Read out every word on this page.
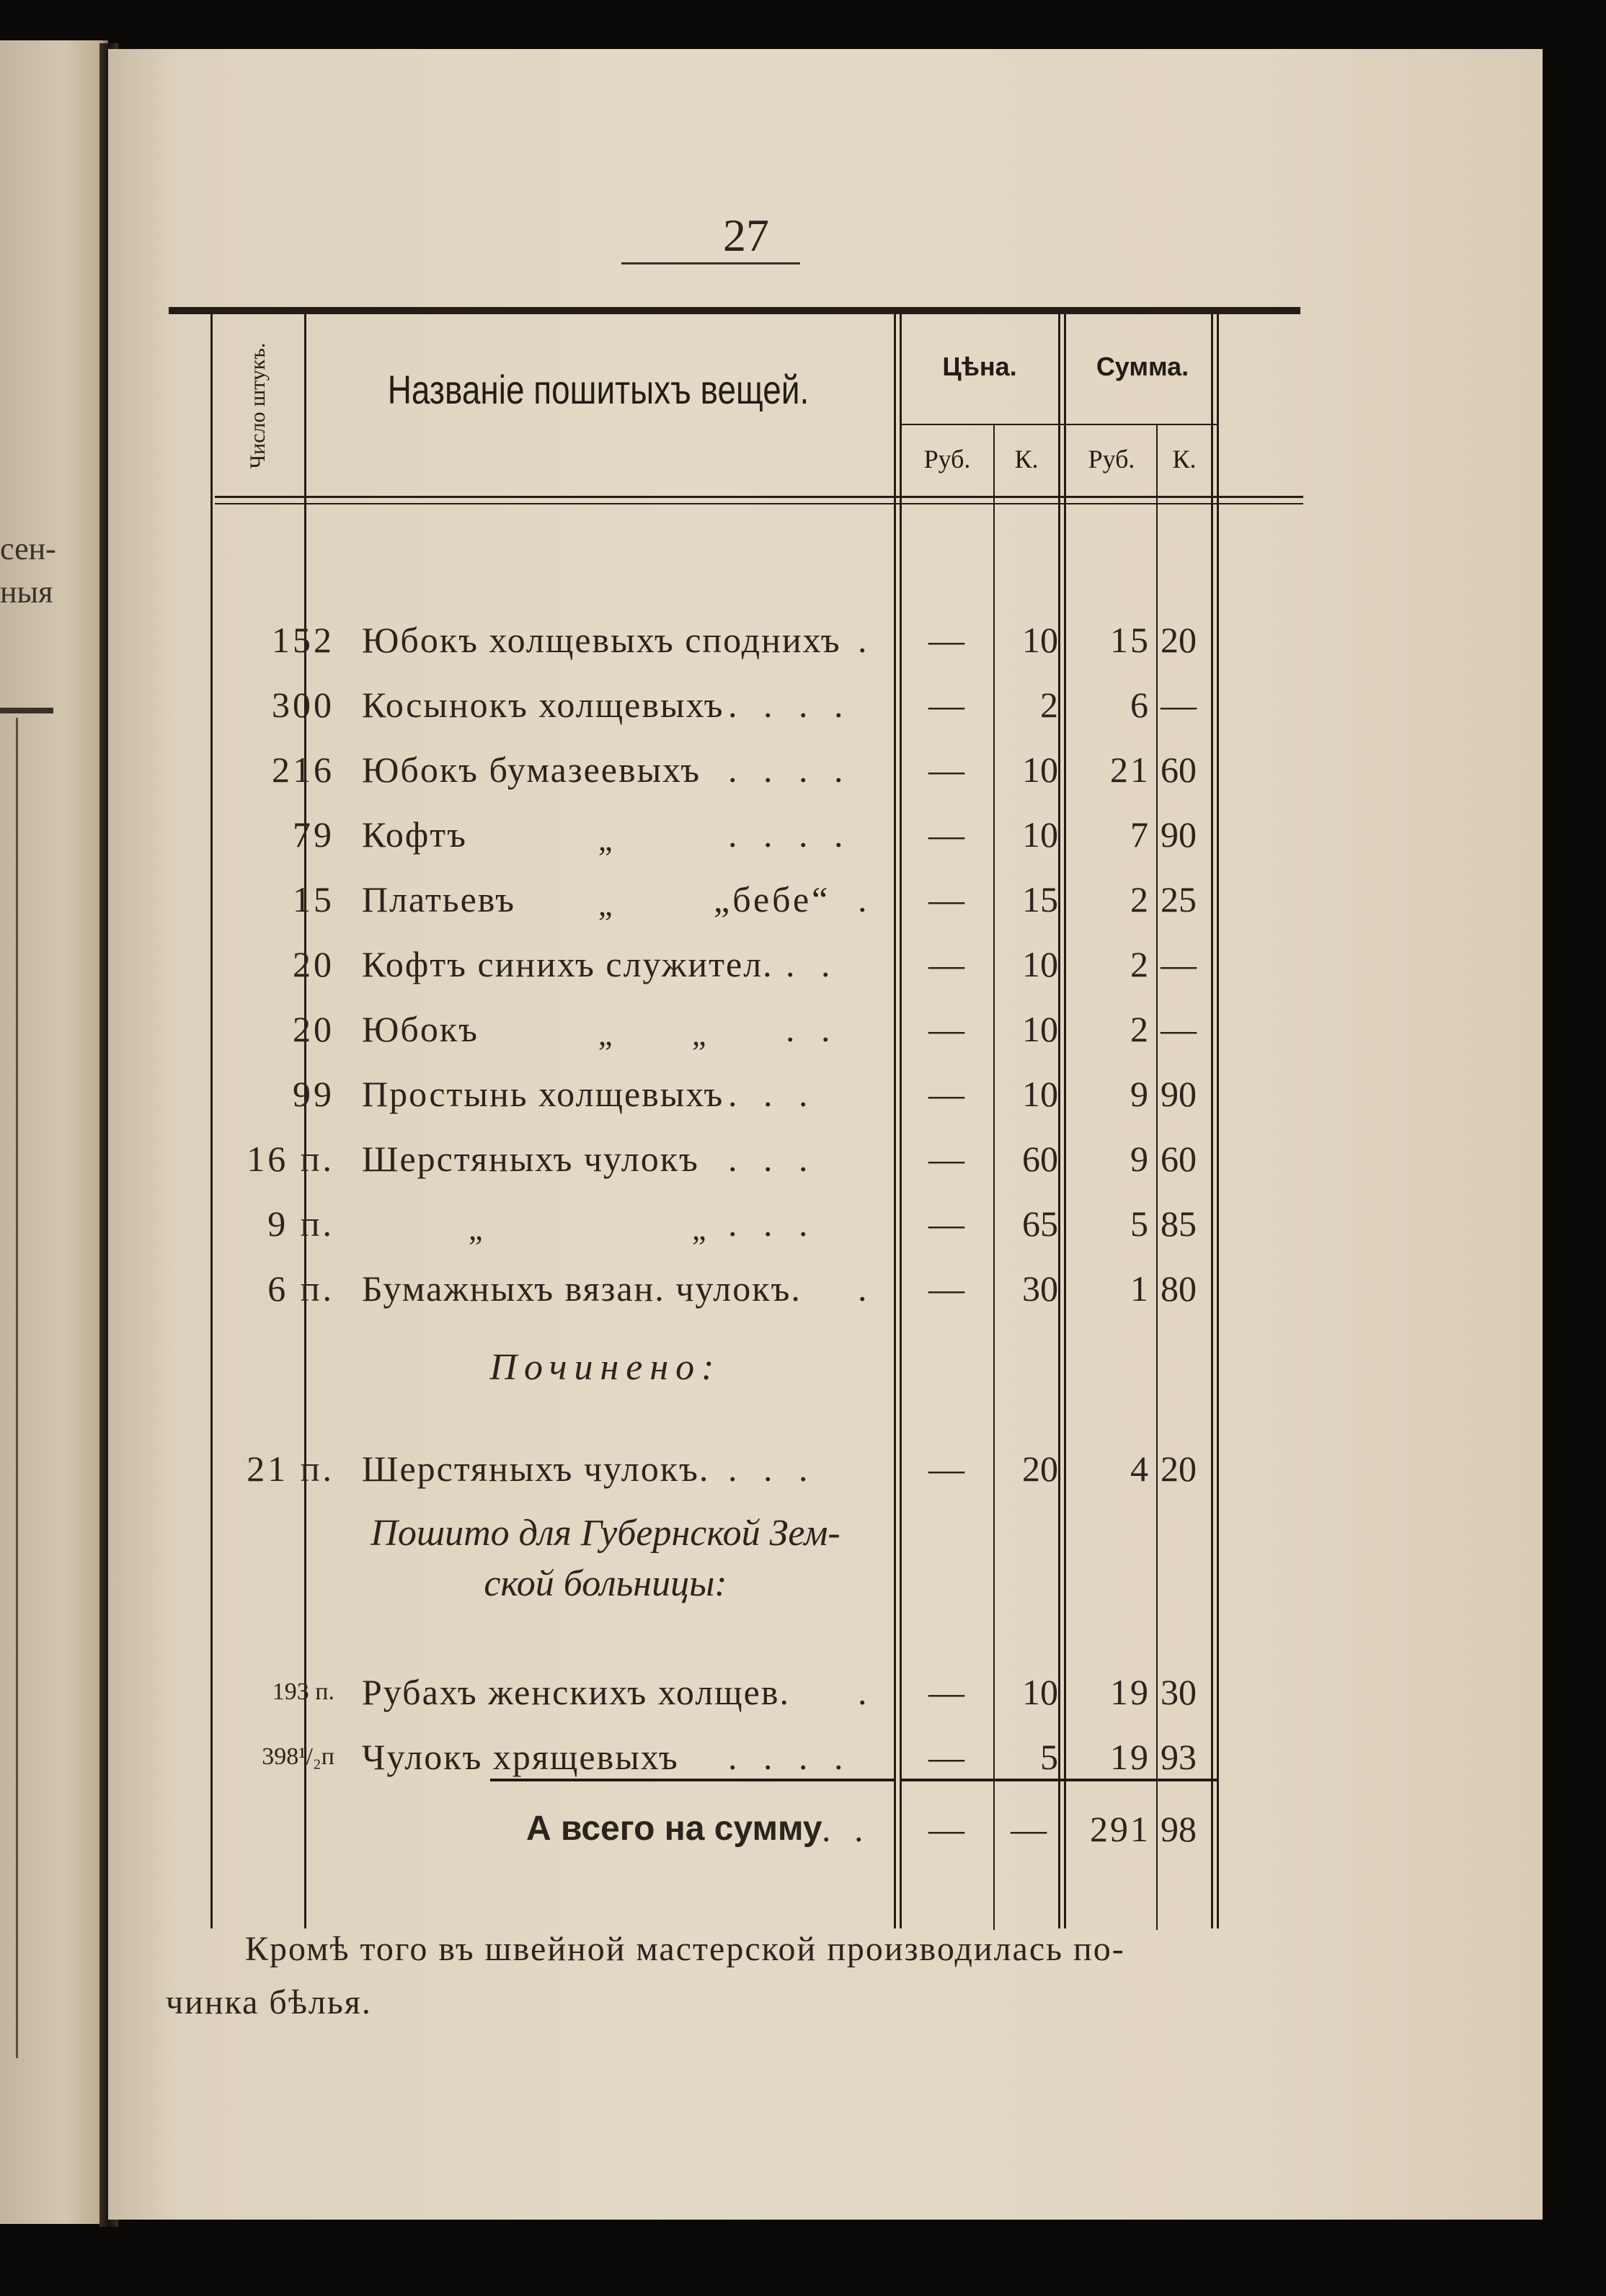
сен-
ныя
27
Число штукъ.	Названіе пошитыхъ вещей.
Цѣна.	Сумма.
Руб.	К.	Руб.	К.
152 Юбокъ холщевыхъ споднихъ .	—	10	15 20
300 Косынокъ холщевыхъ . . . .	—	2	6 —
216 Юбокъ бумазеевыхъ . . . .	—	10	21 60
79 Кофтъ	„	. . . .	—	10	7 90
15 Платьевъ	„	„бебе“ .	—	15	2 25
20 Кофтъ синихъ служител. . .	—	10	2 —
20 Юбокъ	„	„ . .	—	10	2 —
99 Простынь холщевыхъ . . .	—	10	9 90
16 п. Шерстяныхъ чулокъ . . .	—	60	9 60
9 п.	„	„ . . .	—	65	5 85
6 п. Бумажныхъ вязан. чулокъ. .	—	30	1 80
21 п. Шерстяныхъ чулокъ. . . .	—	20	4 20
193 п. Рубахъ женскихъ холщев. .	—	10	19 30
398¹/₂п Чулокъ хрящевыхъ . . . .	—	5	19 93
Починено:
Пошито для Губернской Зем-
ской больницы:
А всего на сумму . .	—	—	291 98
Кромѣ того въ швейной мастерской производилась по-
чинка бѣлья.
